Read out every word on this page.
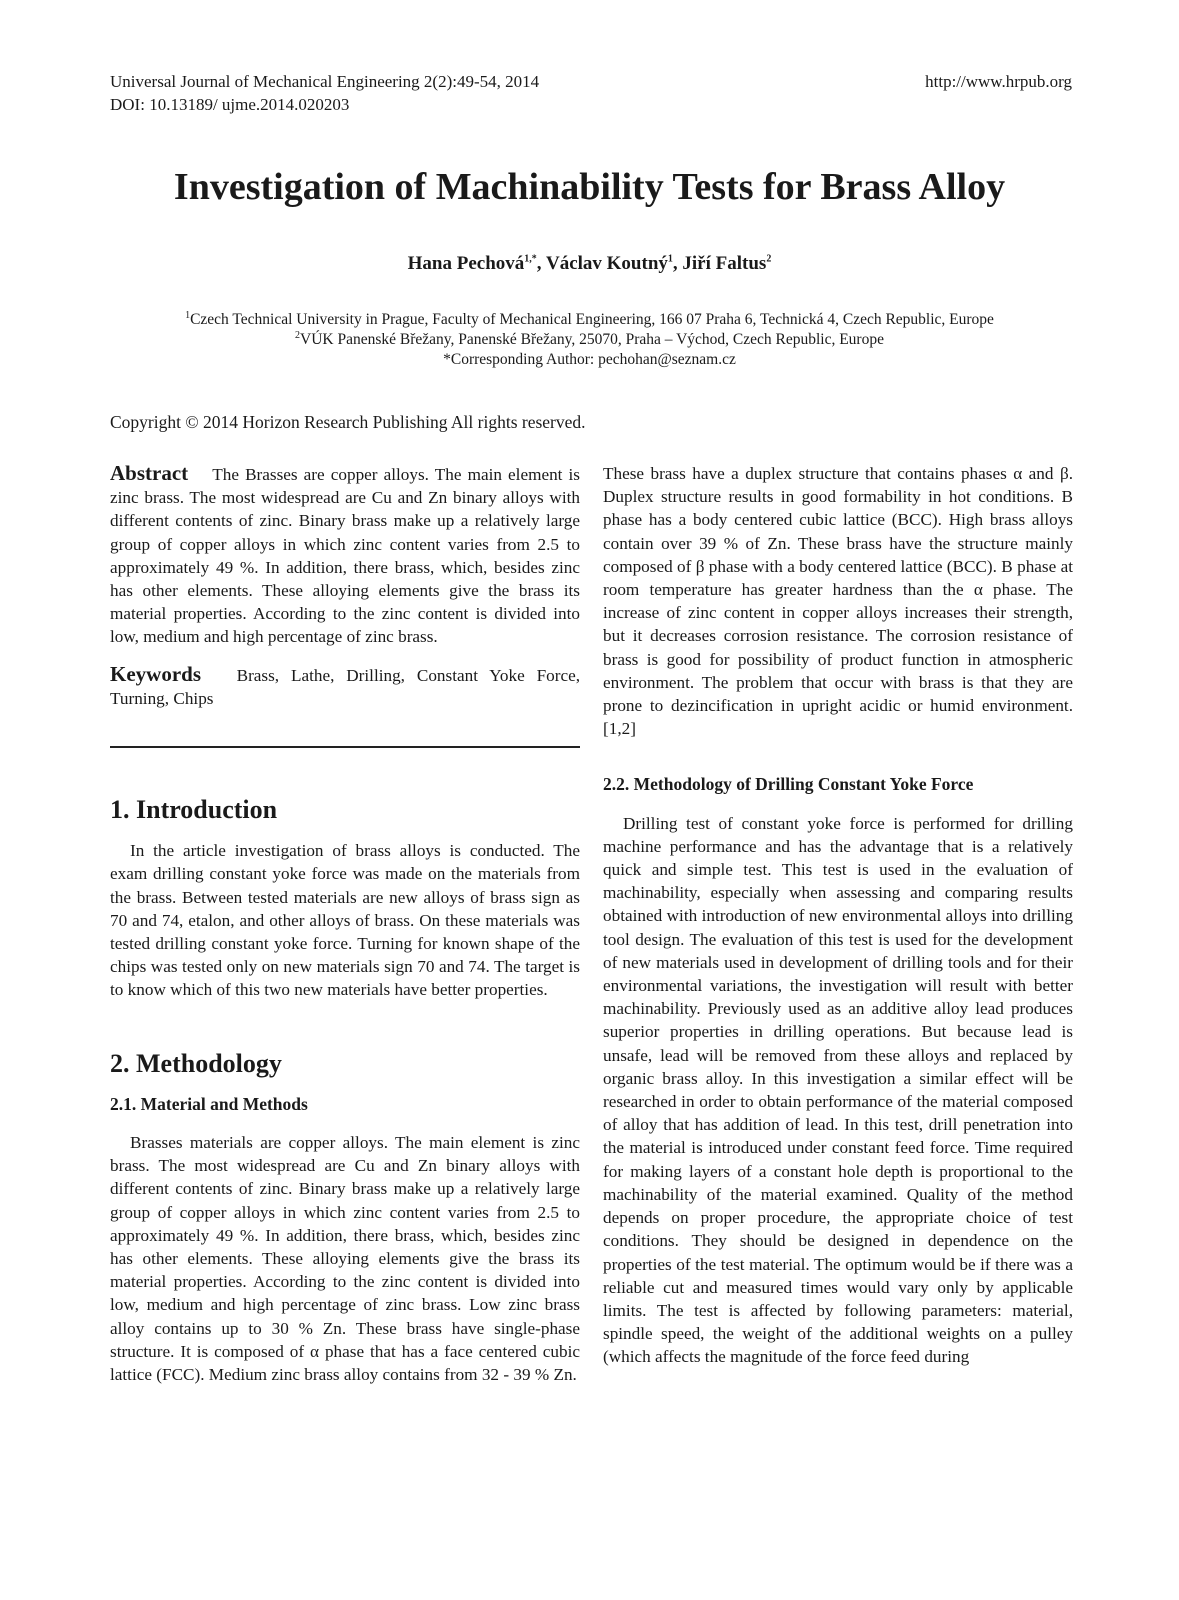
Universal Journal of Mechanical Engineering 2(2):49-54, 2014	http://www.hrpub.org
DOI: 10.13189/ ujme.2014.020203
Investigation of Machinability Tests for Brass Alloy
Hana Pechová$^{1,*}$, Václav Koutný$^1$, Jiří Faltus$^2$
$^1$Czech Technical University in Prague, Faculty of Mechanical Engineering, 166 07 Praha 6, Technická 4, Czech Republic, Europe
$^2$VÚK Panenské Břežany, Panenské Břežany, 25070, Praha – Východ, Czech Republic, Europe
*Corresponding Author: pechohan@seznam.cz
Copyright © 2014 Horizon Research Publishing All rights reserved.

Abstract The Brasses are copper alloys. The main element is zinc brass. The most widespread are Cu and Zn binary alloys with different contents of zinc. Binary brass make up a relatively large group of copper alloys in which zinc content varies from 2.5 to approximately 49 %. In addition, there brass, which, besides zinc has other elements. These alloying elements give the brass its material properties. According to the zinc content is divided into low, medium and high percentage of zinc brass.

Keywords Brass, Lathe, Drilling, Constant Yoke Force, Turning, Chips

1. Introduction

In the article investigation of brass alloys is conducted. The exam drilling constant yoke force was made on the materials from the brass. Between tested materials are new alloys of brass sign as 70 and 74, etalon, and other alloys of brass. On these materials was tested drilling constant yoke force. Turning for known shape of the chips was tested only on new materials sign 70 and 74. The target is to know which of this two new materials have better properties.

2. Methodology

2.1. Material and Methods

Brasses materials are copper alloys. The main element is zinc brass. The most widespread are Cu and Zn binary alloys with different contents of zinc. Binary brass make up a relatively large group of copper alloys in which zinc content varies from 2.5 to approximately 49 %. In addition, there brass, which, besides zinc has other elements. These alloying elements give the brass its material properties. According to the zinc content is divided into low, medium and high percentage of zinc brass. Low zinc brass alloy contains up to 30 % Zn. These brass have single-phase structure. It is composed of α phase that has a face centered cubic lattice (FCC). Medium zinc brass alloy contains from 32 - 39 % Zn.

These brass have a duplex structure that contains phases α and β. Duplex structure results in good formability in hot conditions. B phase has a body centered cubic lattice (BCC). High brass alloys contain over 39 % of Zn. These brass have the structure mainly composed of β phase with a body centered lattice (BCC). B phase at room temperature has greater hardness than the α phase. The increase of zinc content in copper alloys increases their strength, but it decreases corrosion resistance. The corrosion resistance of brass is good for possibility of product function in atmospheric environment. The problem that occur with brass is that they are prone to dezincification in upright acidic or humid environment.[1,2]

2.2. Methodology of Drilling Constant Yoke Force

Drilling test of constant yoke force is performed for drilling machine performance and has the advantage that is a relatively quick and simple test. This test is used in the evaluation of machinability, especially when assessing and comparing results obtained with introduction of new environmental alloys into drilling tool design. The evaluation of this test is used for the development of new materials used in development of drilling tools and for their environmental variations, the investigation will result with better machinability. Previously used as an additive alloy lead produces superior properties in drilling operations. But because lead is unsafe, lead will be removed from these alloys and replaced by organic brass alloy. In this investigation a similar effect will be researched in order to obtain performance of the material composed of alloy that has addition of lead. In this test, drill penetration into the material is introduced under constant feed force. Time required for making layers of a constant hole depth is proportional to the machinability of the material examined. Quality of the method depends on proper procedure, the appropriate choice of test conditions. They should be designed in dependence on the properties of the test material. The optimum would be if there was a reliable cut and measured times would vary only by applicable limits. The test is affected by following parameters: material, spindle speed, the weight of the additional weights on a pulley (which affects the magnitude of the force feed during
